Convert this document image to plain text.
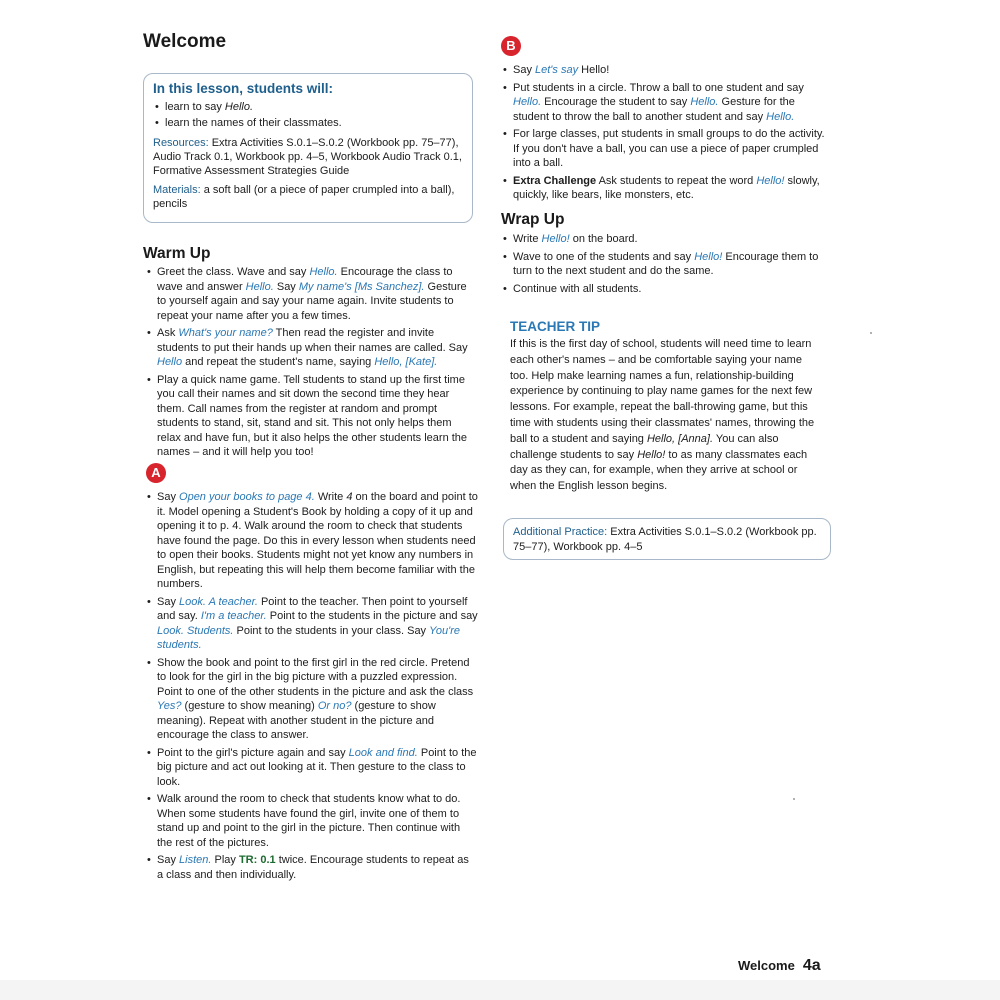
Welcome
In this lesson, students will:
• learn to say Hello.
• learn the names of their classmates.

Resources: Extra Activities S.0.1–S.0.2 (Workbook pp. 75–77), Audio Track 0.1, Workbook pp. 4–5, Workbook Audio Track 0.1, Formative Assessment Strategies Guide

Materials: a soft ball (or a piece of paper crumpled into a ball), pencils

Warm Up
• Greet the class. Wave and say Hello. Encourage the class to wave and answer Hello. Say My name's [Ms Sanchez]. Gesture to yourself again and say your name again. Invite students to repeat your name after you a few times.
• Ask What's your name? Then read the register and invite students to put their hands up when their names are called. Say Hello and repeat the student's name, saying Hello, [Kate].
• Play a quick name game. Tell students to stand up the first time you call their names and sit down the second time they hear them. Call names from the register at random and prompt students to stand, sit, stand and sit. This not only helps them relax and have fun, but it also helps the other students learn the names – and it will help you too!
A
• Say Open your books to page 4. Write 4 on the board and point to it. Model opening a Student's Book by holding a copy of it up and opening it to p. 4. Walk around the room to check that students have found the page. Do this in every lesson when students need to open their books. Students might not yet know any numbers in English, but repeating this will help them become familiar with the numbers.
• Say Look. A teacher. Point to the teacher. Then point to yourself and say. I'm a teacher. Point to the students in the picture and say Look. Students. Point to the students in your class. Say You're students.
• Show the book and point to the first girl in the red circle. Pretend to look for the girl in the big picture with a puzzled expression. Point to one of the other students in the picture and ask the class Yes? (gesture to show meaning) Or no? (gesture to show meaning). Repeat with another student in the picture and encourage the class to answer.
• Point to the girl's picture again and say Look and find. Point to the big picture and act out looking at it. Then gesture to the class to look.
• Walk around the room to check that students know what to do. When some students have found the girl, invite one of them to stand up and point to the girl in the picture. Then continue with the rest of the pictures.
• Say Listen. Play TR: 0.1 twice. Encourage students to repeat as a class and then individually.
B
• Say Let's say Hello!
• Put students in a circle. Throw a ball to one student and say Hello. Encourage the student to say Hello. Gesture for the student to throw the ball to another student and say Hello.
• For large classes, put students in small groups to do the activity. If you don't have a ball, you can use a piece of paper crumpled into a ball.
• Extra Challenge Ask students to repeat the word Hello! slowly, quickly, like bears, like monsters, etc.
Wrap Up
• Write Hello! on the board.
• Wave to one of the students and say Hello! Encourage them to turn to the next student and do the same.
• Continue with all students.
TEACHER TIP

If this is the first day of school, students will need time to learn each other's names – and be comfortable saying your name too. Help make learning names a fun, relationship-building experience by continuing to play name games for the next few lessons. For example, repeat the ball-throwing game, but this time with students using their classmates' names, throwing the ball to a student and saying Hello, [Anna]. You can also challenge students to say Hello! to as many classmates each day as they can, for example, when they arrive at school or when the English lesson begins.

Additional Practice: Extra Activities S.0.1–S.0.2 (Workbook pp. 75–77), Workbook pp. 4–5

Welcome 4a
